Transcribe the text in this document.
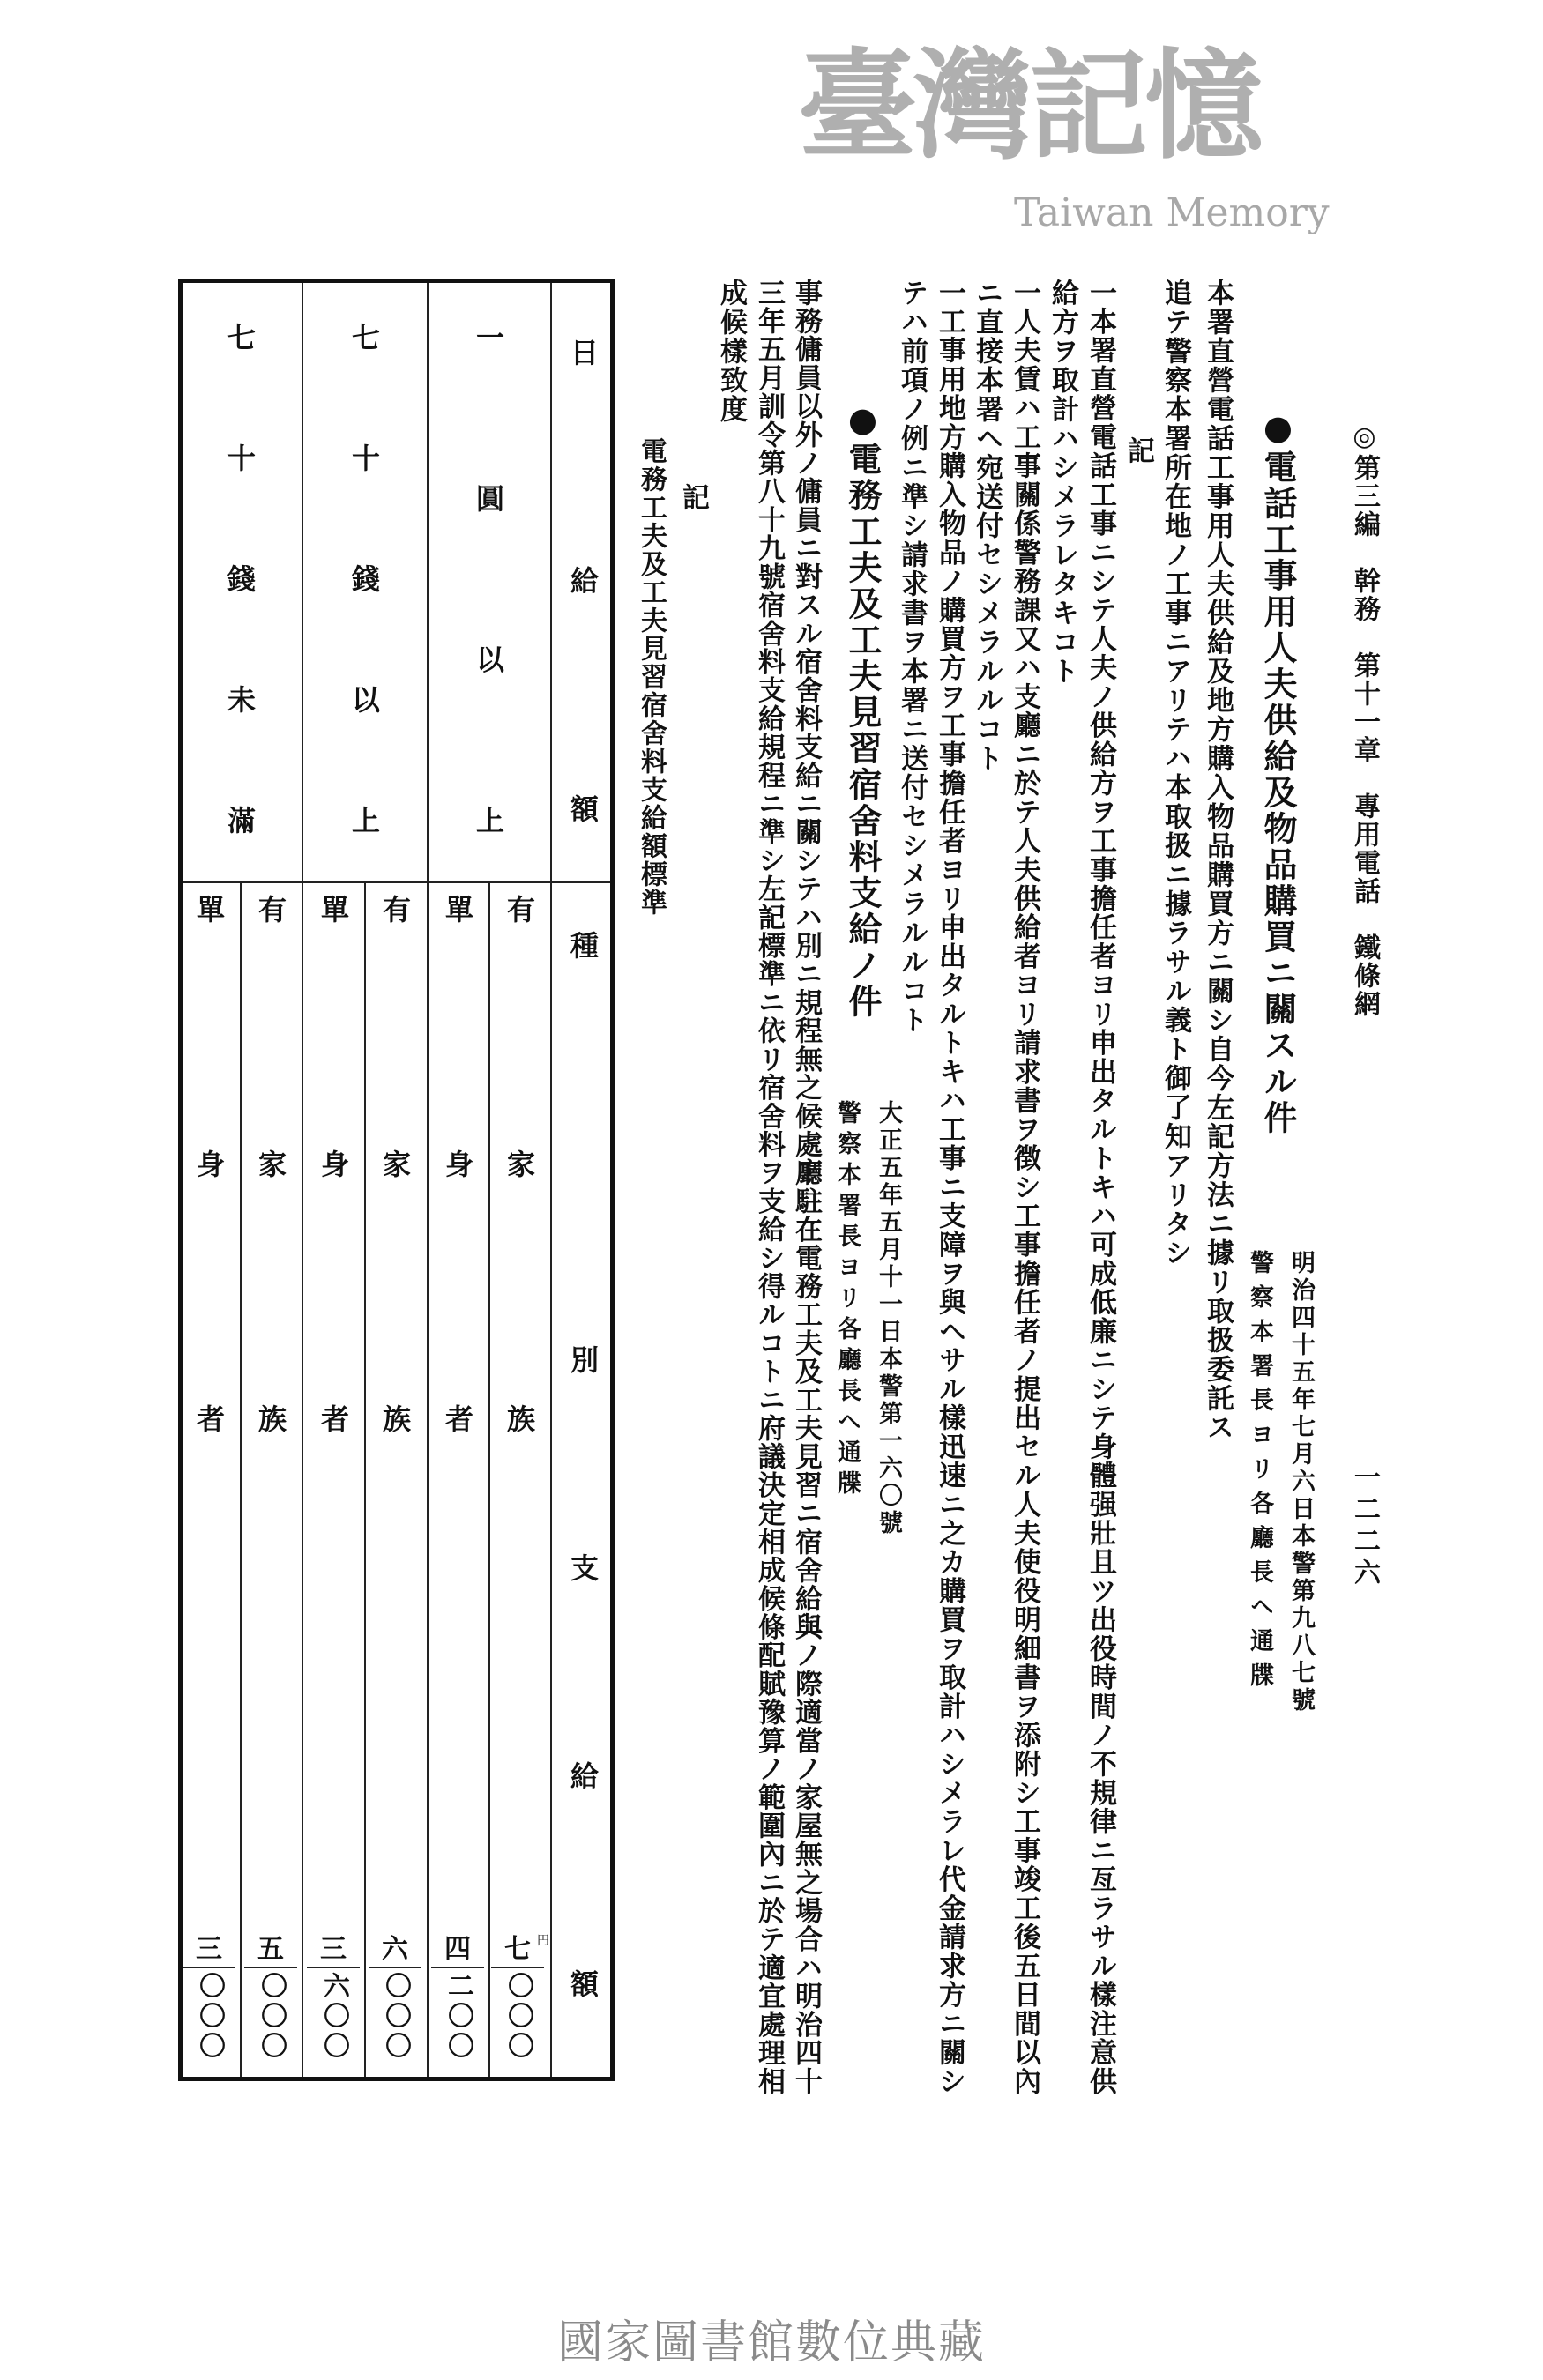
◎第三編　幹務　第十一章　專用電話　鐵條網
一二二六
●電話工事用人夫供給及物品購買ニ關スル件
明治四十五年七月六日本警第九八七號
警察本署長ヨリ各廳長ヘ通牒
本署直營電話工事用人夫供給及地方購入物品購買方ニ關シ自今左記方法ニ據リ取扱委託ス
追テ警察本署所在地ノ工事ニアリテハ本取扱ニ據ラサル義ト御了知アリタシ
記
一本署直營電話工事ニシテ人夫ノ供給方ヲ工事擔任者ヨリ申出タルトキハ可成低廉ニシテ身體强壯且ツ出役時間ノ不規律ニ亙ラサル樣注意供
給方ヲ取計ハシメラレタキコト
一人夫賃ハ工事關係警務課又ハ支廳ニ於テ人夫供給者ヨリ請求書ヲ徴シ工事擔任者ノ提出セル人夫使役明細書ヲ添附シ工事竣工後五日間以內
ニ直接本署ヘ宛送付セシメラルルコト
一工事用地方購入物品ノ購買方ヲ工事擔任者ヨリ申出タルトキハ工事ニ支障ヲ與ヘサル樣迅速ニ之カ購買ヲ取計ハシメラレ代金請求方ニ關シ
テハ前項ノ例ニ準シ請求書ヲ本署ニ送付セシメラルルコト
●電務工夫及工夫見習宿舍料支給ノ件
大正五年五月十一日本警第一六〇號
警察本署長ヨリ各廳長ヘ通牒
事務傭員以外ノ傭員ニ對スル宿舍料支給ニ關シテハ別ニ規程無之候處廳駐在電務工夫及工夫見習ニ宿舍給與ノ際適當ノ家屋無之場合ハ明治四十
三年五月訓令第八十九號宿舍料支給規程ニ準シ左記標準ニ依リ宿舍料ヲ支給シ得ルコトニ府議決定相成候條配賦豫算ノ範圍內ニ於テ適宜處理相
成候樣致度
記
電務工夫及工夫見習宿舍料支給額標準
日給額
種
別支給額
一圓以上
有家族
單身者
七十錢以上
有家族
單身者
七十錢未滿
有家族
單身者
七 円
〇〇〇
四
二〇〇
六
〇〇〇
三
六〇〇
五
〇〇〇
三
〇〇〇
臺灣記憶
Taiwan Memory
國家圖書館數位典藏
